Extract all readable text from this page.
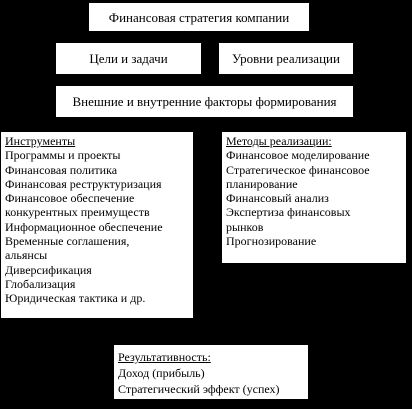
Финансовая стратегия компании
Цели и задачи	Уровни реализации
Внешние и внутренние факторы формирования
Инструменты
Программы и проекты
Финансовая политика
Финансовая реструктуризация
Финансовое обеспечение
конкурентных преимуществ
Информационное обеспечение
Временные соглашения,
альянсы
Диверсификация
Глобализация
Юридическая тактика и др.
Методы реализации:
Финансовое моделирование
Стратегическое финансовое
планирование
Финансовый анализ
Экспертиза финансовых
рынков
Прогнозирование
Результативность:
Доход (прибыль)
Стратегический эффект (успех)
